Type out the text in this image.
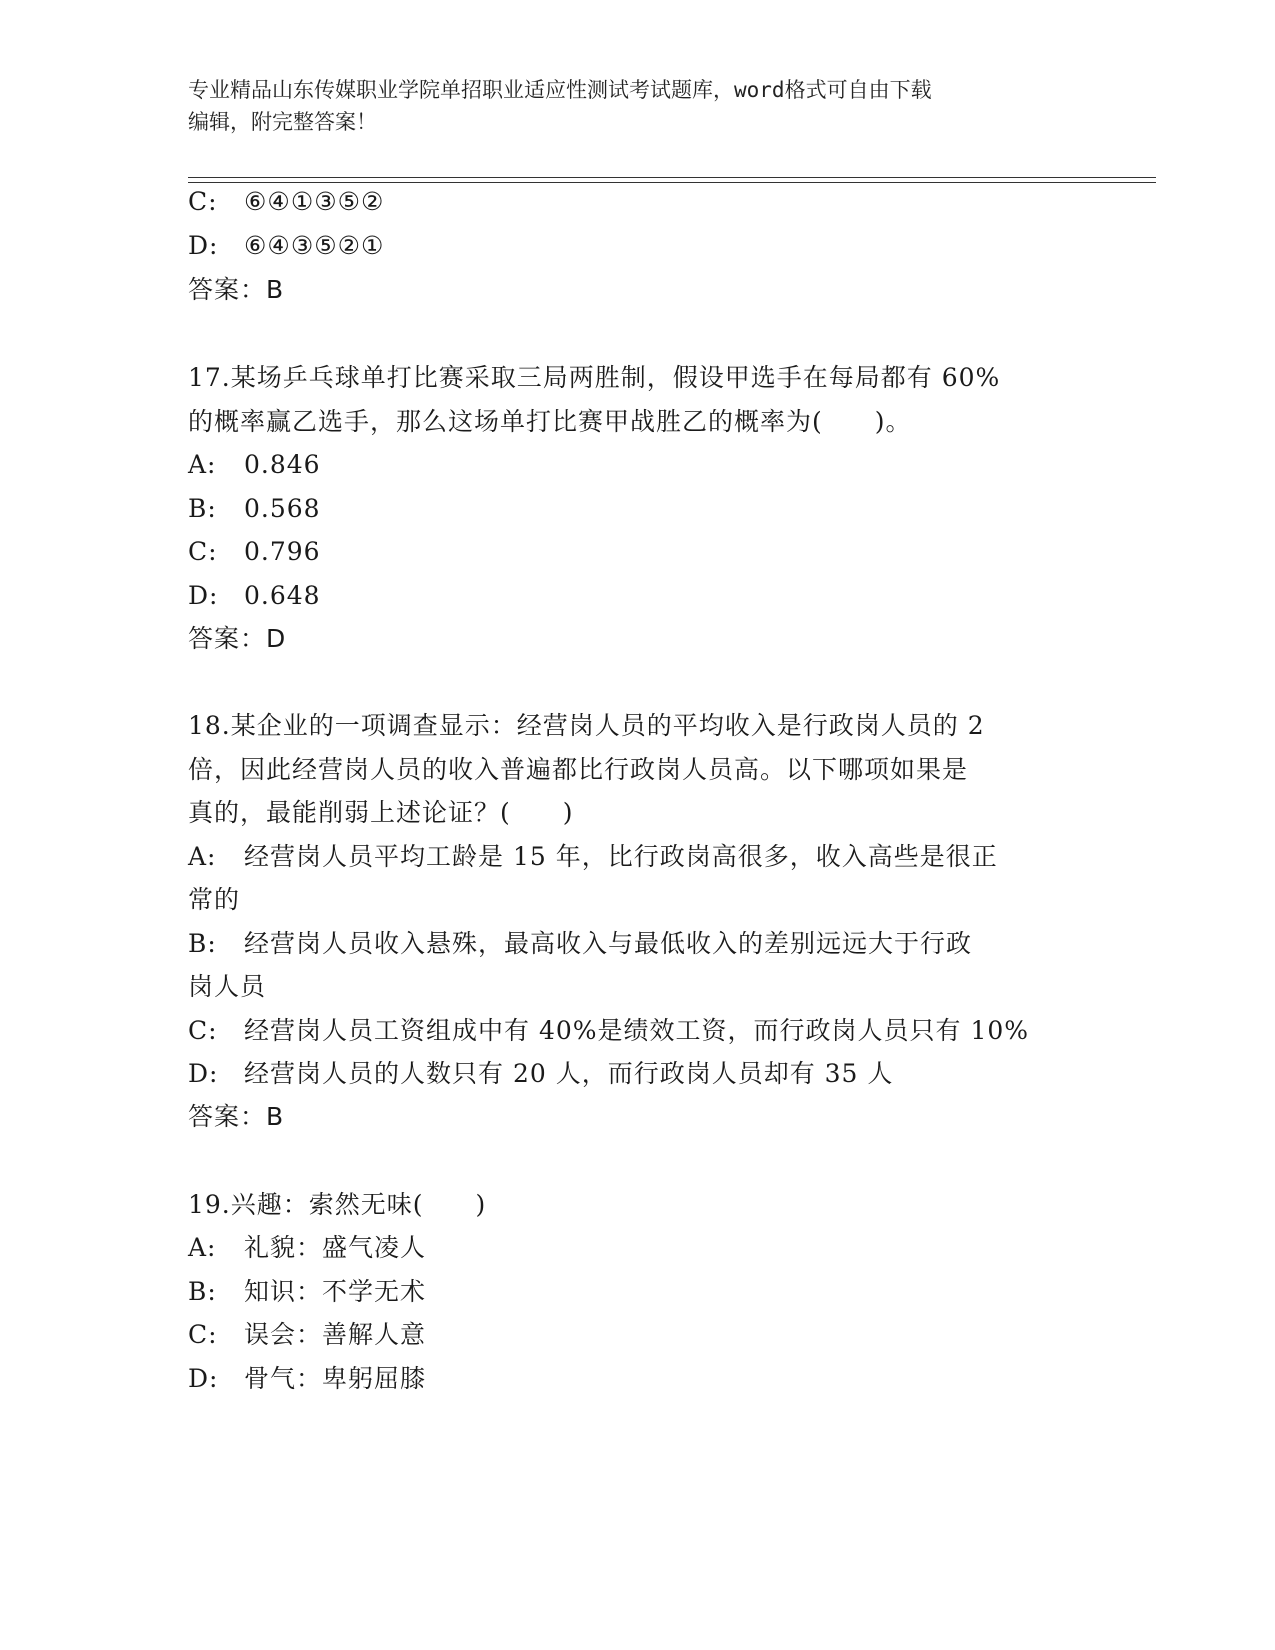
专业精品山东传媒职业学院单招职业适应性测试考试题库，word格式可自由下载
编辑，附完整答案！
C: ⑥④①③⑤②
D: ⑥④③⑤②①
答案：B
17.某场乒乓球单打比赛采取三局两胜制，假设甲选手在每局都有 60%
的概率赢乙选手，那么这场单打比赛甲战胜乙的概率为(　　)。
A: 0.846
B: 0.568
C: 0.796
D: 0.648
答案：D
18.某企业的一项调查显示：经营岗人员的平均收入是行政岗人员的 2
倍，因此经营岗人员的收入普遍都比行政岗人员高。以下哪项如果是
真的，最能削弱上述论证？(　　)
A: 经营岗人员平均工龄是 15 年，比行政岗高很多，收入高些是很正
常的
B: 经营岗人员收入悬殊，最高收入与最低收入的差别远远大于行政
岗人员
C: 经营岗人员工资组成中有 40%是绩效工资，而行政岗人员只有 10%
D: 经营岗人员的人数只有 20 人，而行政岗人员却有 35 人
答案：B
19.兴趣：索然无味(　　)
A: 礼貌：盛气凌人
B: 知识：不学无术
C: 误会：善解人意
D: 骨气：卑躬屈膝
